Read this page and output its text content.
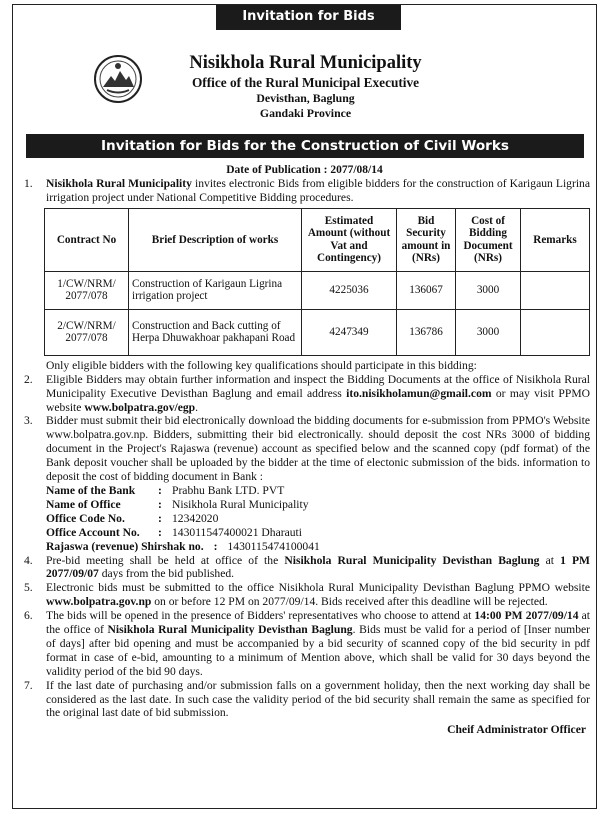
Invitation for Bids
Nisikhola Rural Municipality
Office of the Rural Municipal Executive
Devisthan, Baglung
Gandaki Province
Invitation for Bids for the Construction of Civil Works
Date of Publication : 2077/08/14
1. Nisikhola Rural Municipality invites electronic Bids from eligible bidders for the construction of Karigaun Ligrina irrigation project under National Competitive Bidding procedures.
Contract No	Brief Description of works	Estimated Amount (without Vat and Contingency)	Bid Security amount in (NRs)	Cost of Bidding Document (NRs)	Remarks
1/CW/NRM/ 2077/078	Construction of Karigaun Ligrina irrigation project	4225036	136067	3000	
2/CW/NRM/ 2077/078	Construction and Back cutting of Herpa Dhuwakhoar pakhapani Road	4247349	136786	3000	
Only eligible bidders with the following key qualifications should participate in this bidding:
2. Eligible Bidders may obtain further information and inspect the Bidding Documents at the office of Nisikhola Rural Municipality Executive Devisthan Baglung and email address ito.nisikholamun@gmail.com or may visit PPMO website www.bolpatra.gov/egp.
3. Bidder must submit their bid electronically download the bidding documents for e-submission from PPMO's Website www.bolpatra.gov.np. Bidders, submitting their bid electronically. should deposit the cost NRs 3000 of bidding document in the Project's Rajaswa (revenue) account as specified below and the scanned copy (pdf format) of the Bank deposit voucher shall be uploaded by the bidder at the time of electonic submission of the bids. information to deposit the cost of bidding document in Bank :
Name of the Bank	: Prabhu Bank LTD. PVT
Name of Office	: Nisikhola Rural Municipality
Office Code No.	: 12342020
Office Account No.	: 143011547400021 Dharauti
Rajaswa (revenue) Shirshak no. : 1430115474100041
4. Pre-bid meeting shall be held at office of the Nisikhola Rural Municipality Devisthan Baglung at 1 PM 2077/09/07 days from the bid published.
5. Electronic bids must be submitted to the office Nisikhola Rural Municipality Devisthan Baglung PPMO website www.bolpatra.gov.np on or before 12 PM on 2077/09/14. Bids received after this deadline will be rejected.
6. The bids will be opened in the presence of Bidders' representatives who choose to attend at 14:00 PM 2077/09/14 at the office of Nisikhola Rural Municipality Devisthan Baglung. Bids must be valid for a period of [Inser number of days] after bid opening and must be accompanied by a bid security of scanned copy of the bid security in pdf format in case of e-bid, amounting to a minimum of Mention above, which shall be valid for 30 days beyond the validity period of the bid 90 days.
7. If the last date of purchasing and/or submission falls on a government holiday, then the next working day shall be considered as the last date. In such case the validity period of the bid security shall remain the same as specified for the original last date of bid submission.
Cheif Administrator Officer
